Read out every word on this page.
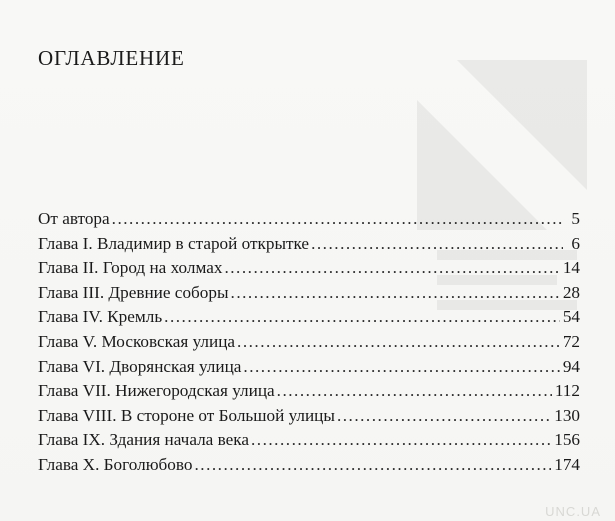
ОГЛАВЛЕНИЕ
От автора .....	5
Глава I. Владимир в старой открытке .....	6
Глава II. Город на холмах .....	14
Глава III. Древние соборы .....	28
Глава IV. Кремль .....	54
Глава V. Московская улица .....	72
Глава VI. Дворянская улица .....	94
Глава VII. Нижегородская улица .....	112
Глава VIII. В стороне от Большой улицы .....	130
Глава IX. Здания начала века .....	156
Глава X. Боголюбово .....	174
UNC.UA
